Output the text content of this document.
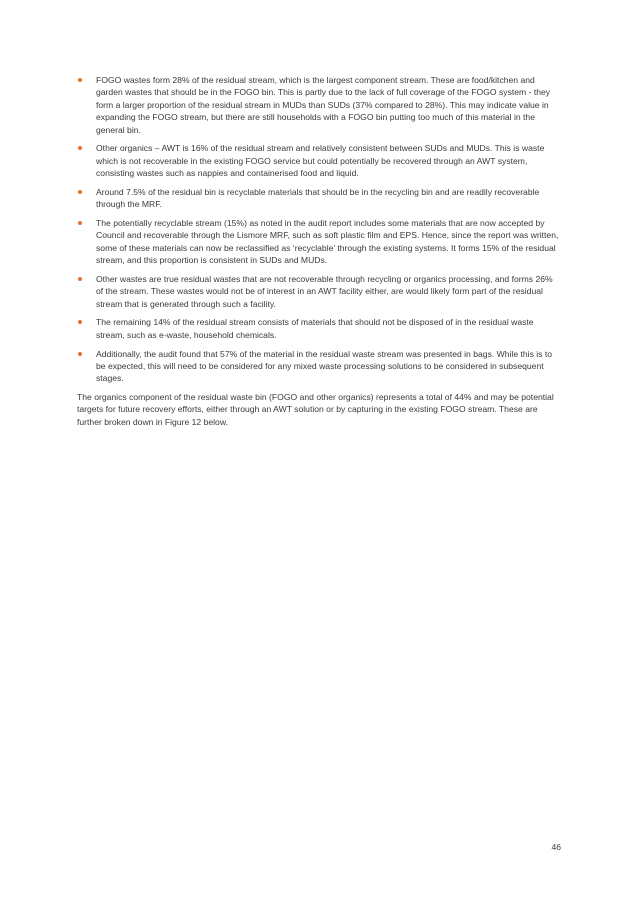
FOGO wastes form 28% of the residual stream, which is the largest component stream. These are food/kitchen and garden wastes that should be in the FOGO bin. This is partly due to the lack of full coverage of the FOGO system - they form a larger proportion of the residual stream in MUDs than SUDs (37% compared to 28%). This may indicate value in expanding the FOGO stream, but there are still households with a FOGO bin putting too much of this material in the general bin.
Other organics – AWT is 16% of the residual stream and relatively consistent between SUDs and MUDs. This is waste which is not recoverable in the existing FOGO service but could potentially be recovered through an AWT system, consisting wastes such as nappies and containerised food and liquid.
Around 7.5% of the residual bin is recyclable materials that should be in the recycling bin and are readily recoverable through the MRF.
The potentially recyclable stream (15%) as noted in the audit report includes some materials that are now accepted by Council and recoverable through the Lismore MRF, such as soft plastic film and EPS. Hence, since the report was written, some of these materials can now be reclassified as ‘recyclable’ through the existing systems. It forms 15% of the residual stream, and this proportion is consistent in SUDs and MUDs.
Other wastes are true residual wastes that are not recoverable through recycling or organics processing, and forms 26% of the stream. These wastes would not be of interest in an AWT facility either, are would likely form part of the residual stream that is generated through such a facility.
The remaining 14% of the residual stream consists of materials that should not be disposed of in the residual waste stream, such as e-waste, household chemicals.
Additionally, the audit found that 57% of the material in the residual waste stream was presented in bags. While this is to be expected, this will need to be considered for any mixed waste processing solutions to be considered in subsequent stages.

The organics component of the residual waste bin (FOGO and other organics) represents a total of 44% and may be potential targets for future recovery efforts, either through an AWT solution or by capturing in the existing FOGO stream. These are further broken down in Figure 12 below.

46
